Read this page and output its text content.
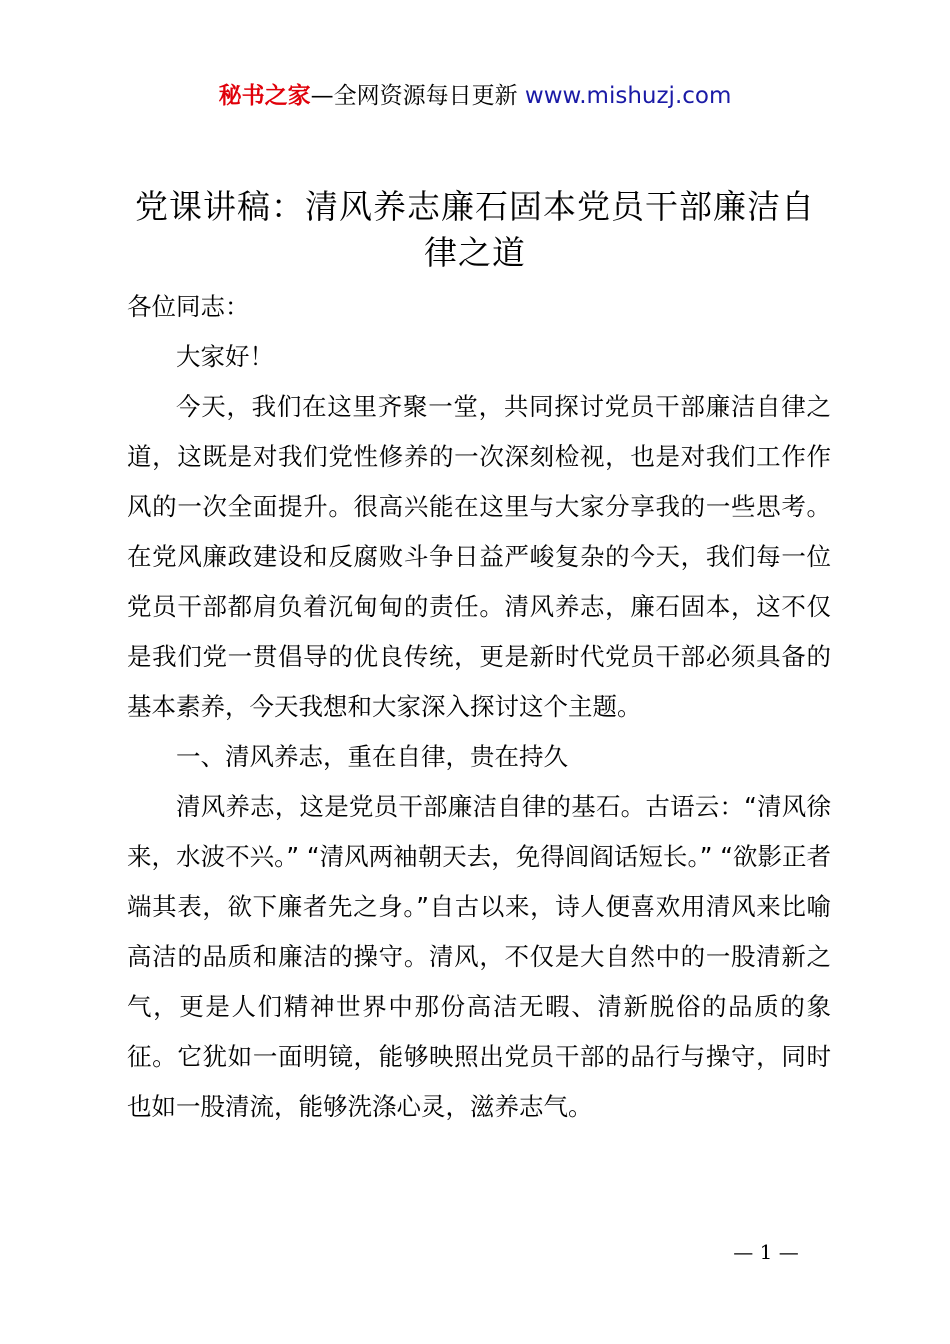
秘书之家—全网资源每日更新 www.mishuzj.com
党课讲稿：清风养志廉石固本党员干部廉洁自律之道

各位同志：

大家好！

今天，我们在这里齐聚一堂，共同探讨党员干部廉洁自律之道，这既是对我们党性修养的一次深刻检视，也是对我们工作作风的一次全面提升。很高兴能在这里与大家分享我的一些思考。在党风廉政建设和反腐败斗争日益严峻复杂的今天，我们每一位党员干部都肩负着沉甸甸的责任。清风养志，廉石固本，这不仅是我们党一贯倡导的优良传统，更是新时代党员干部必须具备的基本素养，今天我想和大家深入探讨这个主题。

一、清风养志，重在自律，贵在持久

清风养志，这是党员干部廉洁自律的基石。古语云：“清风徐来，水波不兴。” “清风两袖朝天去，免得闾阎话短长。” “欲影正者端其表，欲下廉者先之身。”自古以来，诗人便喜欢用清风来比喻高洁的品质和廉洁的操守。清风，不仅是大自然中的一股清新之气，更是人们精神世界中那份高洁无暇、清新脱俗的品质的象征。它犹如一面明镜，能够映照出党员干部的品行与操守，同时也如一股清流，能够洗涤心灵，滋养志气。

— 1 —
